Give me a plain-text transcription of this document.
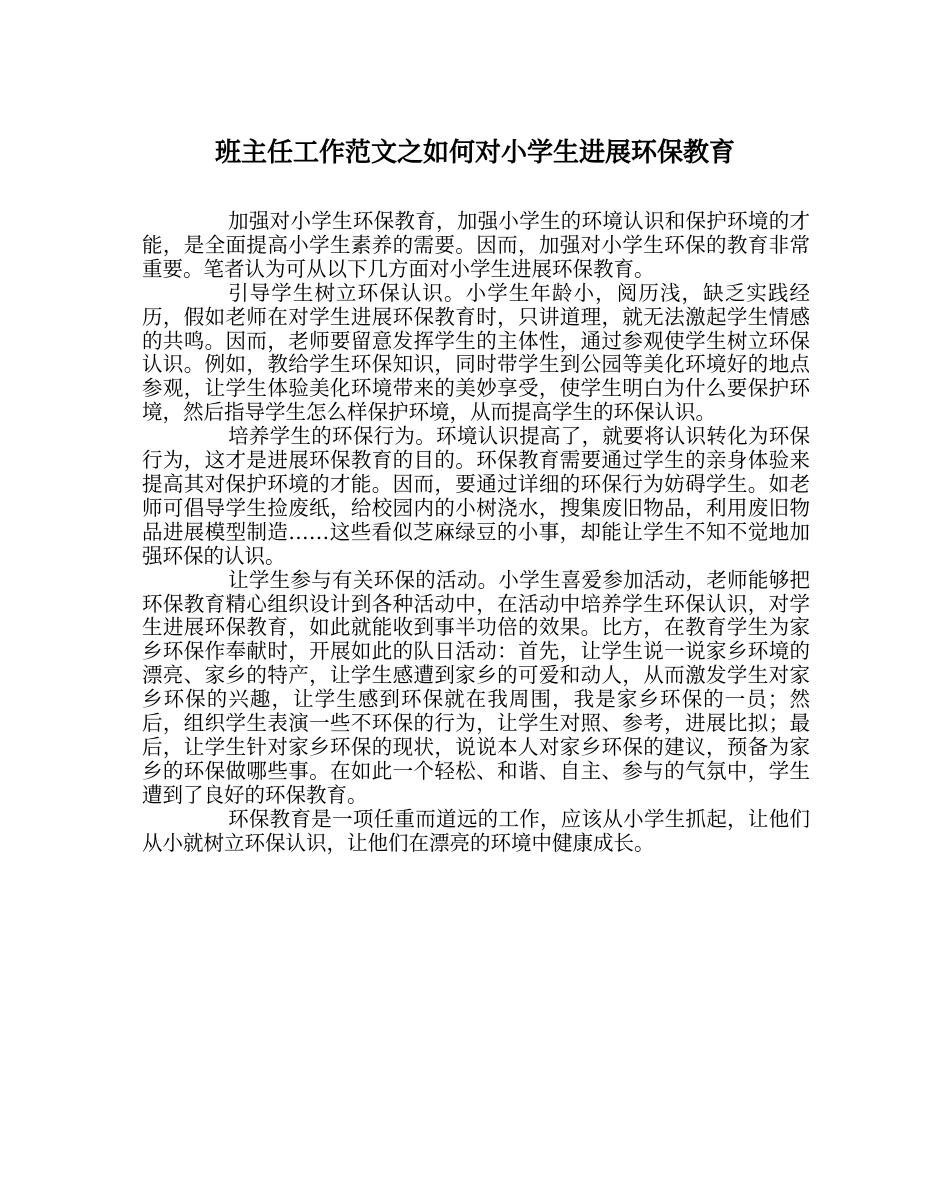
班主任工作范文之如何对小学生进展环保教育

加强对小学生环保教育，加强小学生的环境认识和保护环境的才能，是全面提高小学生素养的需要。因而，加强对小学生环保的教育非常重要。笔者认为可从以下几方面对小学生进展环保教育。

引导学生树立环保认识。小学生年龄小，阅历浅，缺乏实践经历，假如老师在对学生进展环保教育时，只讲道理，就无法激起学生情感的共鸣。因而，老师要留意发挥学生的主体性，通过参观使学生树立环保认识。例如，教给学生环保知识，同时带学生到公园等美化环境好的地点参观，让学生体验美化环境带来的美妙享受，使学生明白为什么要保护环境，然后指导学生怎么样保护环境，从而提高学生的环保认识。

培养学生的环保行为。环境认识提高了，就要将认识转化为环保行为，这才是进展环保教育的目的。环保教育需要通过学生的亲身体验来提高其对保护环境的才能。因而，要通过详细的环保行为妨碍学生。如老师可倡导学生捡废纸，给校园内的小树浇水，搜集废旧物品，利用废旧物品进展模型制造……这些看似芝麻绿豆的小事，却能让学生不知不觉地加强环保的认识。

让学生参与有关环保的活动。小学生喜爱参加活动，老师能够把环保教育精心组织设计到各种活动中，在活动中培养学生环保认识，对学生进展环保教育，如此就能收到事半功倍的效果。比方，在教育学生为家乡环保作奉献时，开展如此的队日活动：首先，让学生说一说家乡环境的漂亮、家乡的特产，让学生感遭到家乡的可爱和动人，从而激发学生对家乡环保的兴趣，让学生感到环保就在我周围，我是家乡环保的一员；然后，组织学生表演一些不环保的行为，让学生对照、参考，进展比拟；最后，让学生针对家乡环保的现状，说说本人对家乡环保的建议，预备为家乡的环保做哪些事。在如此一个轻松、和谐、自主、参与的气氛中，学生遭到了良好的环保教育。

环保教育是一项任重而道远的工作，应该从小学生抓起，让他们从小就树立环保认识，让他们在漂亮的环境中健康成长。
